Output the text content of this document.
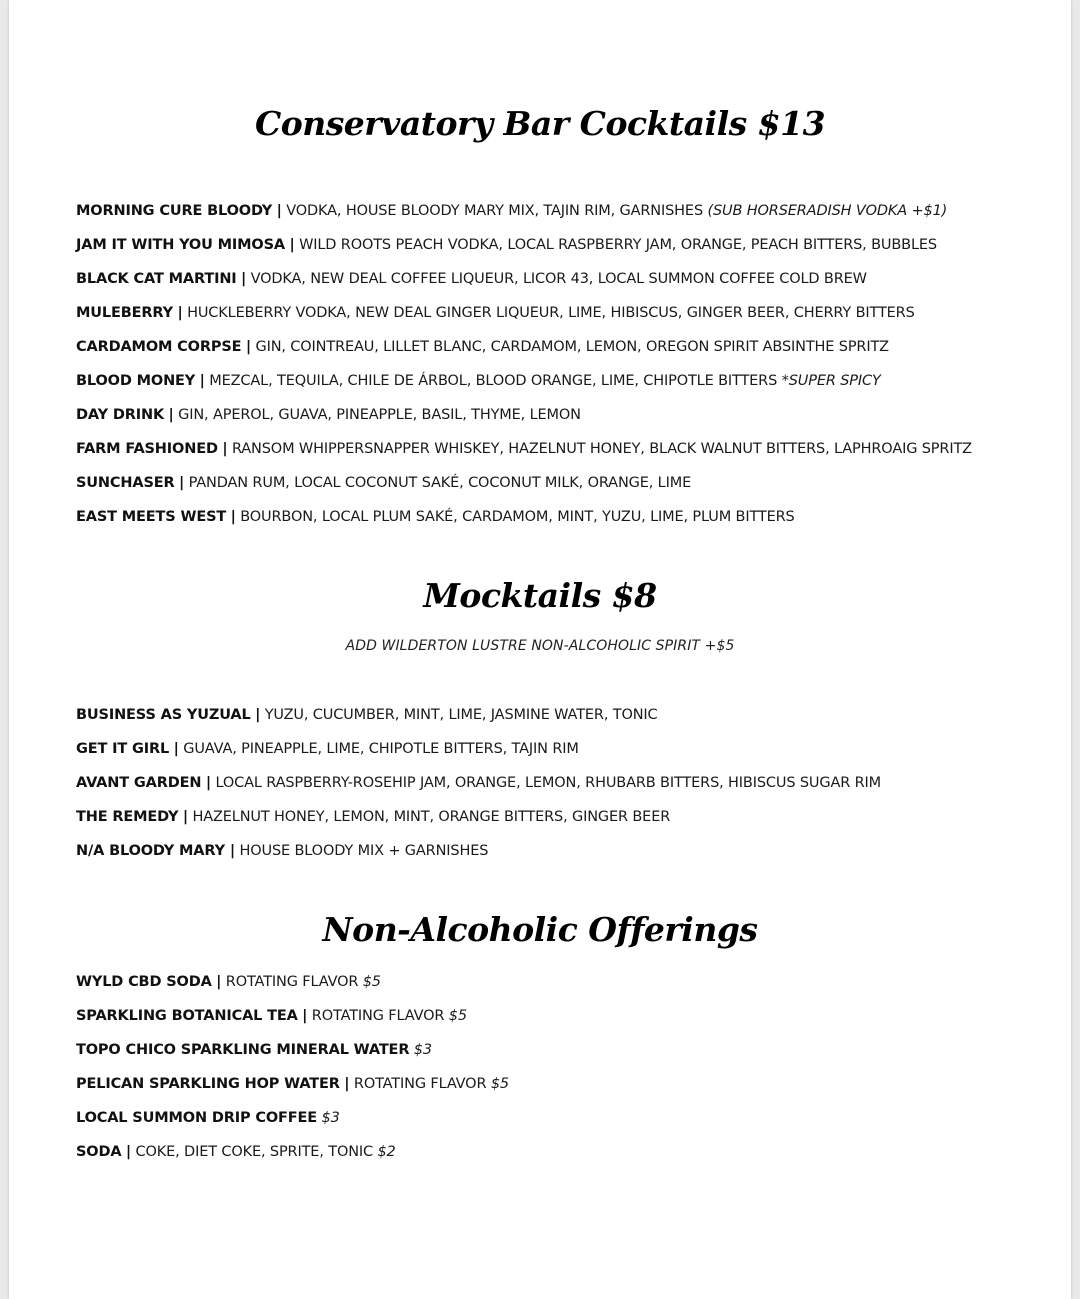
Conservatory Bar Cocktails $13
MORNING CURE BLOODY | VODKA, HOUSE BLOODY MARY MIX, TAJIN RIM, GARNISHES (SUB HORSERADISH VODKA +$1)
JAM IT WITH YOU MIMOSA | WILD ROOTS PEACH VODKA, LOCAL RASPBERRY JAM, ORANGE, PEACH BITTERS, BUBBLES
BLACK CAT MARTINI | VODKA, NEW DEAL COFFEE LIQUEUR, LICOR 43, LOCAL SUMMON COFFEE COLD BREW
MULEBERRY | HUCKLEBERRY VODKA, NEW DEAL GINGER LIQUEUR, LIME, HIBISCUS, GINGER BEER, CHERRY BITTERS
CARDAMOM CORPSE | GIN, COINTREAU, LILLET BLANC, CARDAMOM, LEMON, OREGON SPIRIT ABSINTHE SPRITZ
BLOOD MONEY | MEZCAL, TEQUILA, CHILE DE ÁRBOL, BLOOD ORANGE, LIME, CHIPOTLE BITTERS *SUPER SPICY
DAY DRINK | GIN, APEROL, GUAVA, PINEAPPLE, BASIL, THYME, LEMON
FARM FASHIONED | RANSOM WHIPPERSNAPPER WHISKEY, HAZELNUT HONEY, BLACK WALNUT BITTERS, LAPHROAIG SPRITZ
SUNCHASER | PANDAN RUM, LOCAL COCONUT SAKÉ, COCONUT MILK, ORANGE, LIME
EAST MEETS WEST | BOURBON, LOCAL PLUM SAKÉ, CARDAMOM, MINT, YUZU, LIME, PLUM BITTERS
Mocktails $8
ADD WILDERTON LUSTRE NON-ALCOHOLIC SPIRIT +$5
BUSINESS AS YUZUAL | YUZU, CUCUMBER, MINT, LIME, JASMINE WATER, TONIC
GET IT GIRL | GUAVA, PINEAPPLE, LIME, CHIPOTLE BITTERS, TAJIN RIM
AVANT GARDEN | LOCAL RASPBERRY-ROSEHIP JAM, ORANGE, LEMON, RHUBARB BITTERS, HIBISCUS SUGAR RIM
THE REMEDY | HAZELNUT HONEY, LEMON, MINT, ORANGE BITTERS, GINGER BEER
N/A BLOODY MARY | HOUSE BLOODY MIX + GARNISHES
Non-Alcoholic Offerings
WYLD CBD SODA | ROTATING FLAVOR $5
SPARKLING BOTANICAL TEA | ROTATING FLAVOR $5
TOPO CHICO SPARKLING MINERAL WATER $3
PELICAN SPARKLING HOP WATER | ROTATING FLAVOR $5
LOCAL SUMMON DRIP COFFEE $3
SODA | COKE, DIET COKE, SPRITE, TONIC $2
